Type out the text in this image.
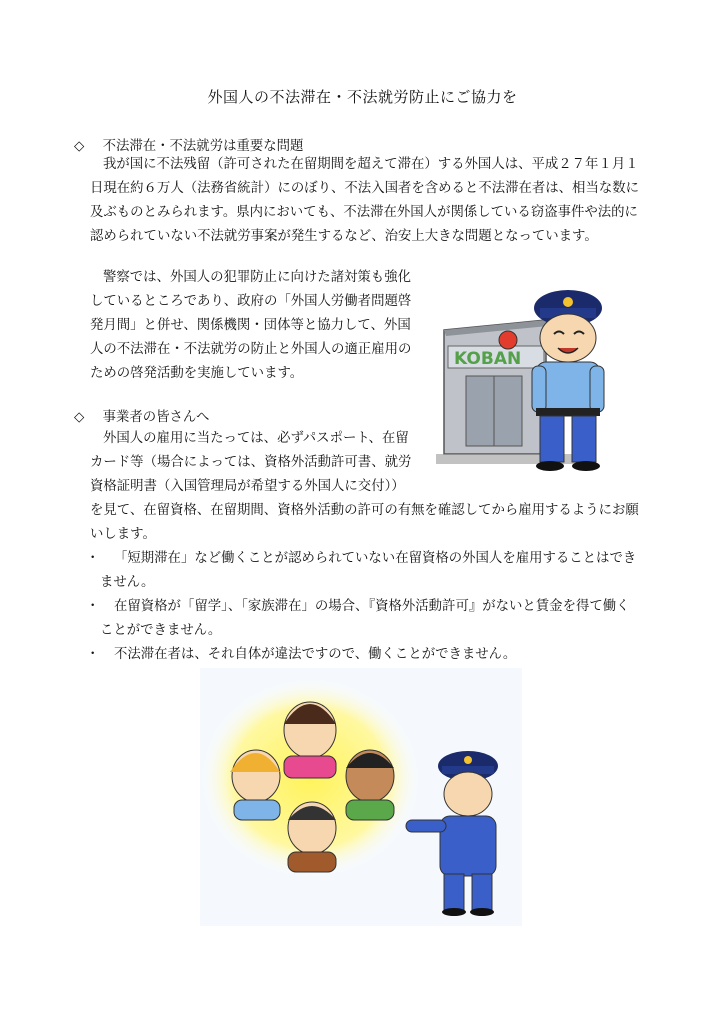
外国人の不法滞在・不法就労防止にご協力を
◇ 不法滞在・不法就労は重要な問題
我が国に不法残留（許可された在留期間を超えて滞在）する外国人は、平成２７年１月１
日現在約６万人（法務省統計）にのぼり、不法入国者を含めると不法滞在者は、相当な数に
及ぶものとみられます。県内においても、不法滞在外国人が関係している窃盗事件や法的に
認められていない不法就労事案が発生するなど、治安上大きな問題となっています。
警察では、外国人の犯罪防止に向けた諸対策も強化
しているところであり、政府の「外国人労働者問題啓
発月間」と併せ、関係機関・団体等と協力して、外国
人の不法滞在・不法就労の防止と外国人の適正雇用の
ための啓発活動を実施しています。
◇ 事業者の皆さんへ
外国人の雇用に当たっては、必ずパスポート、在留
カード等（場合によっては、資格外活動許可書、就労
資格証明書（入国管理局が希望する外国人に交付））
を見て、在留資格、在留期間、資格外活動の許可の有無を確認してから雇用するようにお願
いします。
・	「短期滞在」など働くことが認められていない在留資格の外国人を雇用することはでき
ません。
・	在留資格が「留学」、「家族滞在」の場合、『資格外活動許可』がないと賃金を得て働く
ことができません。
・	不法滞在者は、それ自体が違法ですので、働くことができません。
KOBAN
